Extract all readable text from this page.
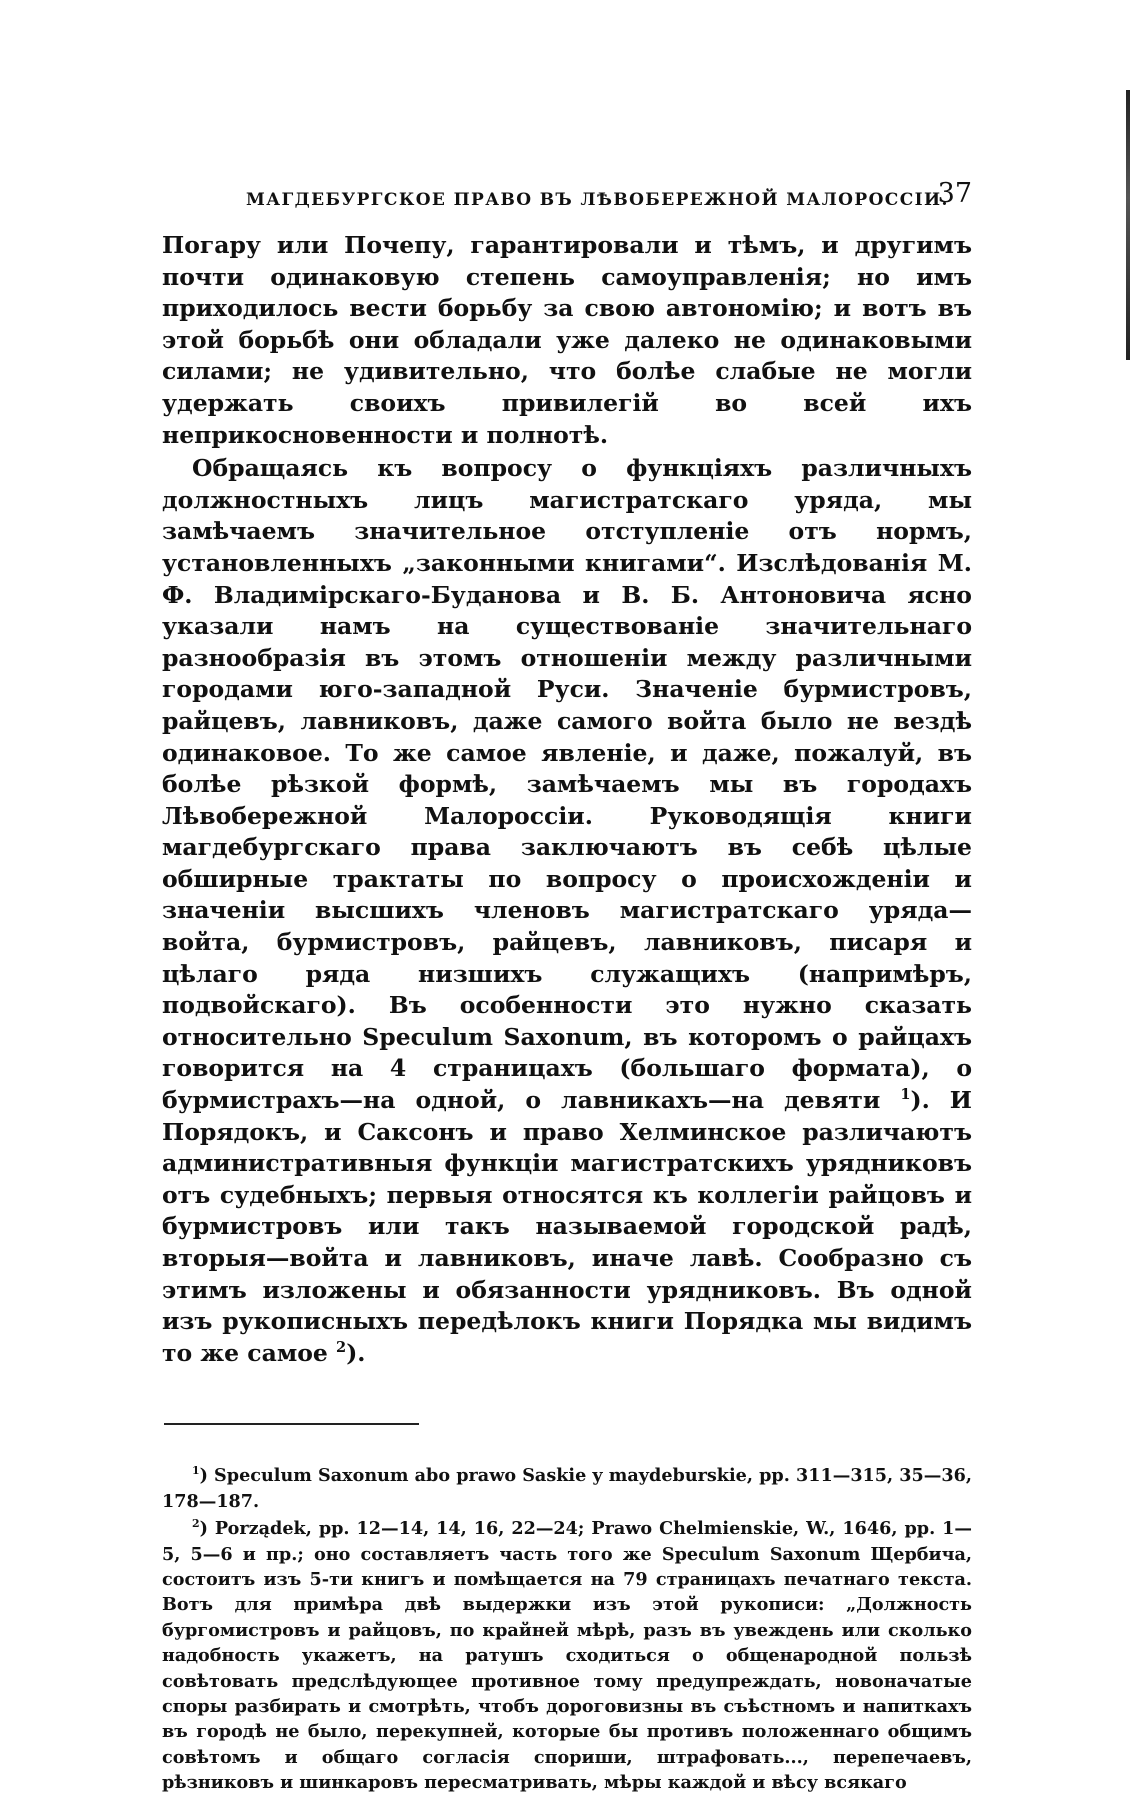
МАГДЕБУРГСКОЕ ПРАВО ВЪ ЛѢВОБЕРЕЖНОЙ МАЛОРОССІИ.
37

Погару или Почепу, гарантировали и тѣмъ, и другимъ почти одинаковую степень самоуправленія; но имъ приходилось вести борьбу за свою автономію; и вотъ въ этой борьбѣ они обладали уже далеко не одинаковыми силами; не удивительно, что болѣе слабые не могли удержать своихъ привилегій во всей ихъ неприкосновенности и полнотѣ.

Обращаясь къ вопросу о функціяхъ различныхъ должностныхъ лицъ магистратскаго уряда, мы замѣчаемъ значительное отступленіе отъ нормъ, установленныхъ „законными книгами“. Изслѣдованія М. Ф. Владимірскаго-Буданова и В. Б. Антоновича ясно указали намъ на существованіе значительнаго разнообразія въ этомъ отношеніи между различными городами юго-западной Руси. Значеніе бурмистровъ, райцевъ, лавниковъ, даже самого войта было не вездѣ одинаковое. То же самое явленіе, и даже, пожалуй, въ болѣе рѣзкой формѣ, замѣчаемъ мы въ городахъ Лѣвобережной Малороссіи. Руководящія книги магдебургскаго права заключаютъ въ себѣ цѣлые обширные трактаты по вопросу о происхожденіи и значеніи высшихъ членовъ магистратскаго уряда—войта, бурмистровъ, райцевъ, лавниковъ, писаря и цѣлаго ряда низшихъ служащихъ (напримѣръ, подвойскаго). Въ особенности это нужно сказать относительно Speculum Saxonum, въ которомъ о райцахъ говорится на 4 страницахъ (большаго формата), о бурмистрахъ—на одной, о лавникахъ—на девяти $^1$). И Порядокъ, и Саксонъ и право Хелминское различаютъ административныя функціи магистратскихъ урядниковъ отъ судебныхъ; первыя относятся къ коллегіи райцовъ и бурмистровъ или такъ называемой городской радѣ, вторыя—войта и лавниковъ, иначе лавѣ. Сообразно съ этимъ изложены и обязанности урядниковъ. Въ одной изъ рукописныхъ передѣлокъ книги Порядка мы видимъ то же самое $^2$).

$^1$) Speculum Saxonum abo prawo Saskie y maydeburskie, pp. 311—315, 35—36, 178—187.

$^2$) Porządek, pp. 12—14, 14, 16, 22—24; Prawo Chelmienskie, W., 1646, pp. 1—5, 5—6 и пр.; оно составляетъ часть того же Speculum Saxonum Щербича, состоитъ изъ 5-ти книгъ и помѣщается на 79 страницахъ печатнаго текста. Вотъ для примѣра двѣ выдержки изъ этой рукописи: „Должность бургомистровъ и райцовъ, по крайней мѣрѣ, разъ въ увеждень или сколько надобность укажетъ, на ратушъ сходиться о общенародной пользѣ совѣтовать предслѣдующее противное тому предупреждать, новоначатые споры разбирать и смотрѣть, чтобъ дороговизны въ съѣстномъ и напиткахъ въ городѣ не было, перекупней, которые бы противъ положеннаго общимъ совѣтомъ и общаго согласія спориши, штрафовать..., перепечаевъ, рѣзниковъ и шинкаровъ пересматривать, мѣры каждой и вѣсу всякаго
